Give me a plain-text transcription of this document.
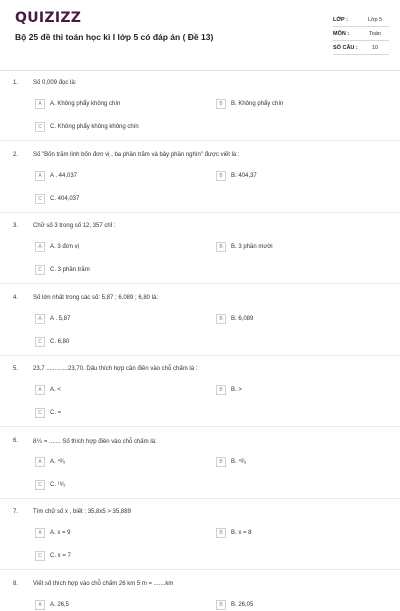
QUIZIZZ
Bộ 25 đề thi toán học kì I lớp 5 có đáp án ( Đề 13)
LỚP :	Lớp 5
MÔN :	Toán
SỐ CÂU :	10
1. Số 0,009 đọc là:
A	A. Không phẩy không chín	B	B. Không phẩy chín
C	C. Không phẩy không không chín
2. Số "Bốn trăm linh bốn đơn vị , ba phần trăm và bảy phần nghìn" được viết là :
A	A . 44,037	B	B. 404,37
C	C. 404,037
3. Chữ số 3 trong số 12, 357 chỉ :
A	A. 3 đơn vị	B	B. 3 phần mười
C	C. 3 phần trăm
4. Số lớn nhất trong các số: 5,87 ; 6,089 ; 6,80 là:
A	A . 5,87	B	B. 6,089
C	C. 6,80
5. 23,7 .............23,70. Dấu thích hợp cần điền vào chỗ chấm là :
A	A. <	B	B. >
C	C. =
6. 8⅖ = ....... Số thích hợp điền vào chỗ chấm là:
A	A. ⁴²⁄₅	B	B. ⁴²⁄₅
C	C. ¹⁶⁄₅
7. Tìm chữ số x , biết : 35,8x5 > 35,889
A	A. x = 9	B	B. x = 8
C	C. x = 7
8. Viết số thích hợp vào chỗ chấm 26 km 5 m = .......km
A	A. 26,5	B	B. 26,05
